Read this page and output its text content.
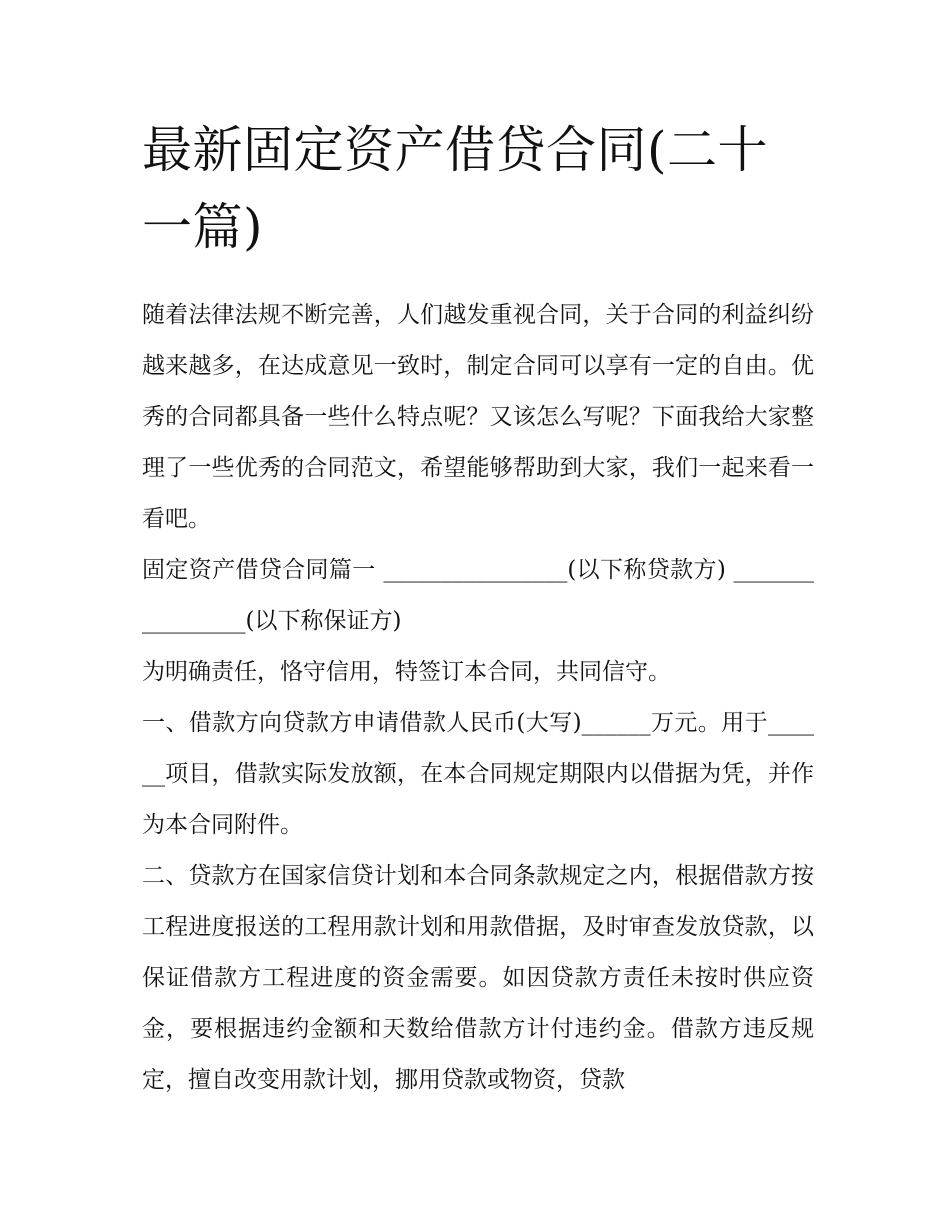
最新固定资产借贷合同(二十一篇)

随着法律法规不断完善，人们越发重视合同，关于合同的利益纠纷越来越多，在达成意见一致时，制定合同可以享有一定的自由。优秀的合同都具备一些什么特点呢？又该怎么写呢？下面我给大家整理了一些优秀的合同范文，希望能够帮助到大家，我们一起来看一看吧。

固定资产借贷合同篇一 ________________(以下称贷款方) ________________(以下称保证方)

为明确责任，恪守信用，特签订本合同，共同信守。

一、借款方向贷款方申请借款人民币(大写)______万元。用于______项目，借款实际发放额，在本合同规定期限内以借据为凭，并作为本合同附件。

二、贷款方在国家信贷计划和本合同条款规定之内，根据借款方按工程进度报送的工程用款计划和用款借据，及时审查发放贷款，以保证借款方工程进度的资金需要。如因贷款方责任未按时供应资金，要根据违约金额和天数给借款方计付违约金。借款方违反规定，擅自改变用款计划，挪用贷款或物资，贷款
